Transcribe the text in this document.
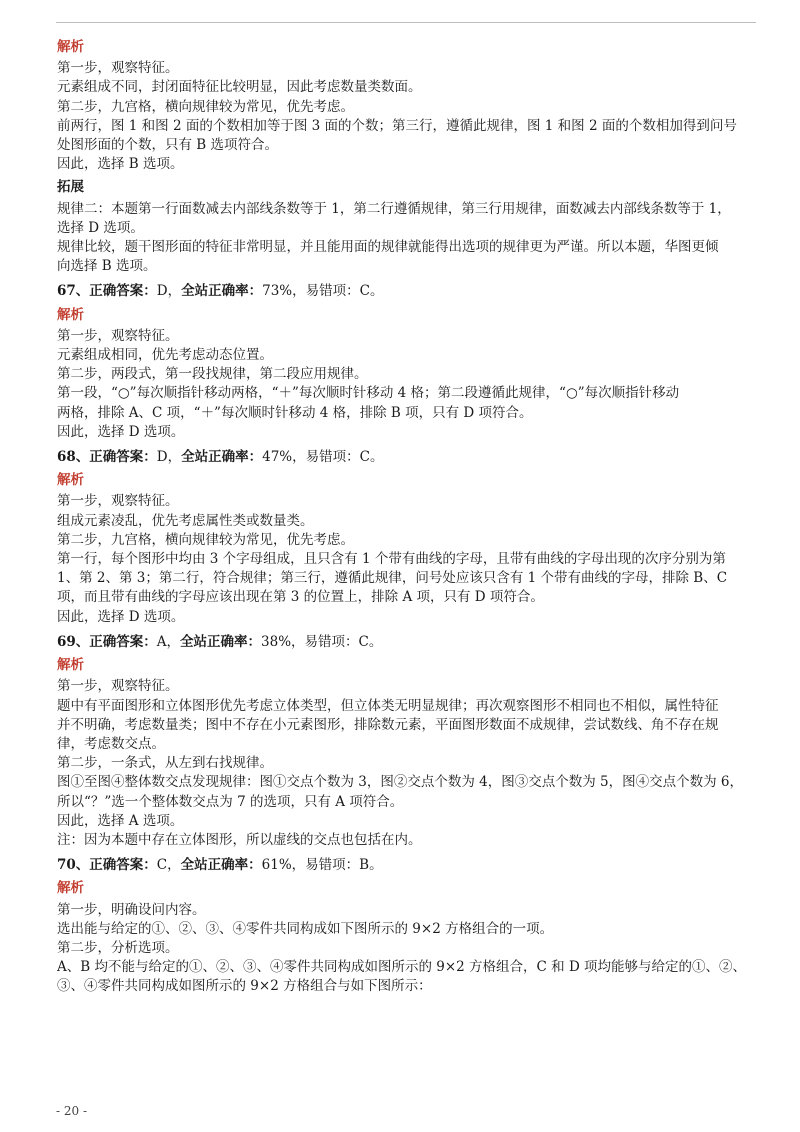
解析
第一步，观察特征。
元素组成不同，封闭面特征比较明显，因此考虑数量类数面。
第二步，九宫格，横向规律较为常见，优先考虑。
前两行，图 1 和图 2 面的个数相加等于图 3 面的个数；第三行，遵循此规律，图 1 和图 2 面的个数相加得到问号
处图形面的个数，只有 B 选项符合。
因此，选择 B 选项。
拓展
规律二：本题第一行面数减去内部线条数等于 1，第二行遵循规律，第三行用规律，面数减去内部线条数等于 1，
选择 D 选项。
规律比较，题干图形面的特征非常明显，并且能用面的规律就能得出选项的规律更为严谨。所以本题，华图更倾
向选择 B 选项。
67、正确答案：D，全站正确率：73%，易错项：C。
解析
第一步，观察特征。
元素组成相同，优先考虑动态位置。
第二步，两段式，第一段找规律，第二段应用规律。
第一段，“○”每次顺指针移动两格，“＋”每次顺时针移动 4 格；第二段遵循此规律，“○”每次顺指针移动
两格，排除 A、C 项，“＋”每次顺时针移动 4 格，排除 B 项，只有 D 项符合。
因此，选择 D 选项。
68、正确答案：D，全站正确率：47%，易错项：C。
解析
第一步，观察特征。
组成元素凌乱，优先考虑属性类或数量类。
第二步，九宫格，横向规律较为常见，优先考虑。
第一行，每个图形中均由 3 个字母组成，且只含有 1 个带有曲线的字母，且带有曲线的字母出现的次序分别为第
1、第 2、第 3；第二行，符合规律；第三行，遵循此规律，问号处应该只含有 1 个带有曲线的字母，排除 B、C
项，而且带有曲线的字母应该出现在第 3 的位置上，排除 A 项，只有 D 项符合。
因此，选择 D 选项。
69、正确答案：A，全站正确率：38%，易错项：C。
解析
第一步，观察特征。
题中有平面图形和立体图形优先考虑立体类型，但立体类无明显规律；再次观察图形不相同也不相似，属性特征
并不明确，考虑数量类；图中不存在小元素图形，排除数元素，平面图形数面不成规律，尝试数线、角不存在规
律，考虑数交点。
第二步，一条式，从左到右找规律。
图①至图④整体数交点发现规律：图①交点个数为 3，图②交点个数为 4，图③交点个数为 5，图④交点个数为 6，
所以“？”选一个整体数交点为 7 的选项，只有 A 项符合。
因此，选择 A 选项。
注：因为本题中存在立体图形，所以虚线的交点也包括在内。
70、正确答案：C，全站正确率：61%，易错项：B。
解析
第一步，明确设问内容。
选出能与给定的①、②、③、④零件共同构成如下图所示的 9×2 方格组合的一项。
第二步，分析选项。
A、B 均不能与给定的①、②、③、④零件共同构成如图所示的 9×2 方格组合，C 和 D 项均能够与给定的①、②、
③、④零件共同构成如图所示的 9×2 方格组合与如下图所示：
- 20 -
